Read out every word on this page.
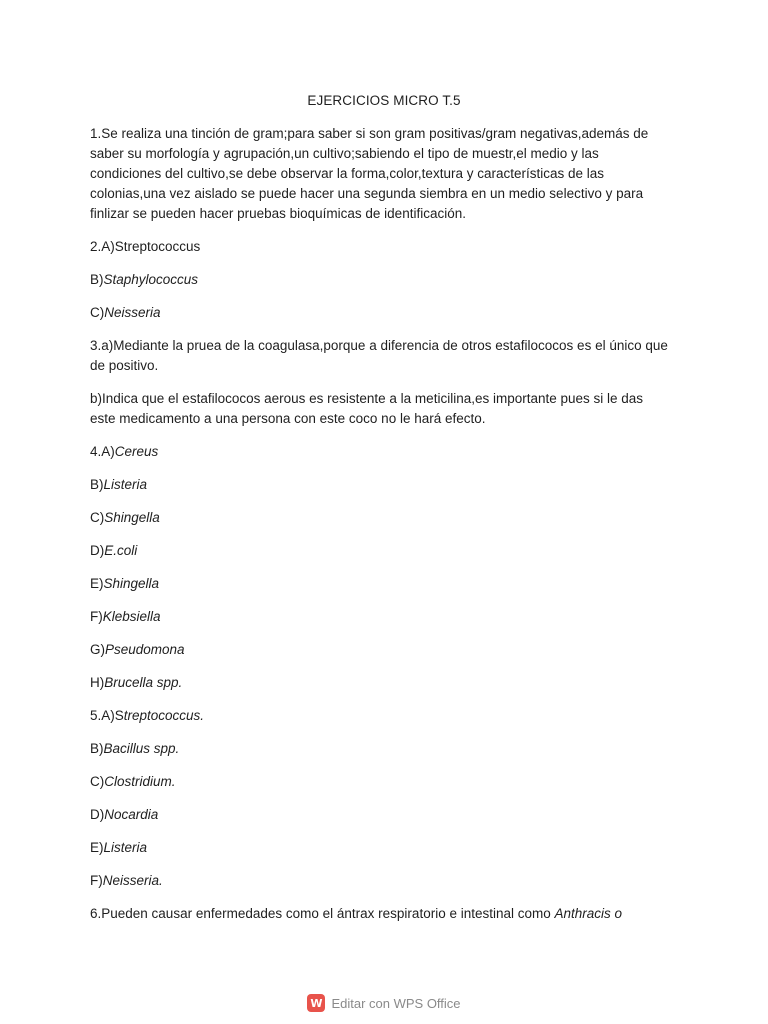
EJERCICIOS MICRO T.5

1.Se realiza una tinción de gram;para saber si son gram positivas/gram negativas,además de saber su morfología y agrupación,un cultivo;sabiendo el tipo de muestr,el medio y las condiciones del cultivo,se debe observar la forma,color,textura y características de las colonias,una vez aislado se puede hacer una segunda siembra en un medio selectivo y para finlizar se pueden hacer pruebas bioquímicas de identificación.

2.A)Streptococcus

B)Staphylococcus

C)Neisseria

3.a)Mediante la pruea de la coagulasa,porque a diferencia de otros estafilococos es el único que de positivo.

b)Indica que el estafilococos aerous es resistente a la meticilina,es importante pues si le das este medicamento a una persona con este coco no le hará efecto.

4.A)Cereus

B)Listeria

C)Shingella

D)E.coli

E)Shingella

F)Klebsiella

G)Pseudomona

H)Brucella spp.

5.A)Streptococcus.

B)Bacillus spp.

C)Clostridium.

D)Nocardia

E)Listeria

F)Neisseria.

6.Pueden causar enfermedades como el ántrax respiratorio e intestinal como Anthracis o

W Editar con WPS Office
